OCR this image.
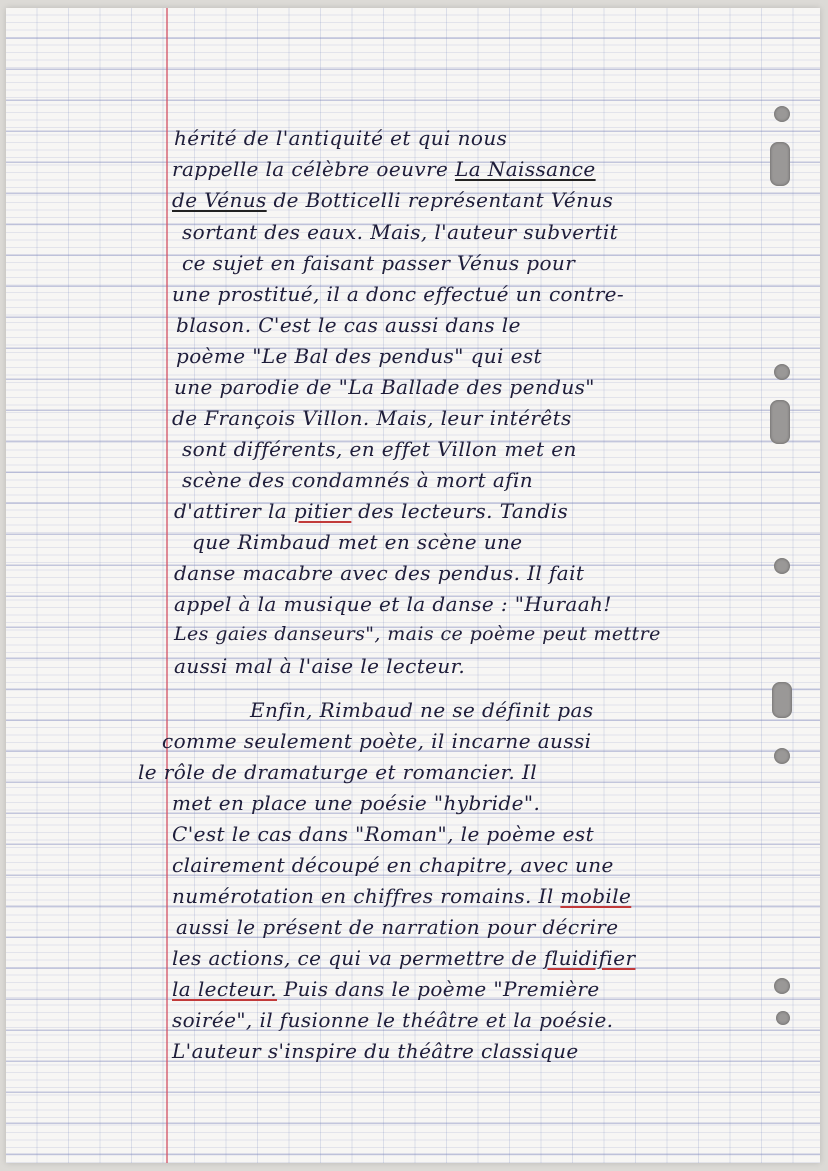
hérité de l'antiquité et qui nous
rappelle la célèbre oeuvre La Naissance
de Vénus de Botticelli représentant Vénus
sortant des eaux. Mais, l'auteur subvertit
ce sujet en faisant passer Vénus pour
une prostitué, il a donc effectué un contre-
blason. C'est le cas aussi dans le
poème "Le Bal des pendus" qui est
une parodie de "La Ballade des pendus"
de François Villon. Mais, leur intérêts
sont différents, en effet Villon met en
scène des condamnés à mort afin
d'attirer la pitier des lecteurs. Tandis
que Rimbaud met en scène une
danse macabre avec des pendus. Il fait
appel à la musique et la danse : "Huraah!
Les gaies danseurs", mais ce poème peut mettre
aussi mal à l'aise le lecteur.
Enfin, Rimbaud ne se définit pas
comme seulement poète, il incarne aussi
le rôle de dramaturge et romancier. Il
met en place une poésie "hybride".
C'est le cas dans "Roman", le poème est
clairement découpé en chapitre, avec une
numérotation en chiffres romains. Il mobile
aussi le présent de narration pour décrire
les actions, ce qui va permettre de fluidifier
la lecteur. Puis dans le poème "Première
soirée", il fusionne le théâtre et la poésie.
L'auteur s'inspire du théâtre classique
